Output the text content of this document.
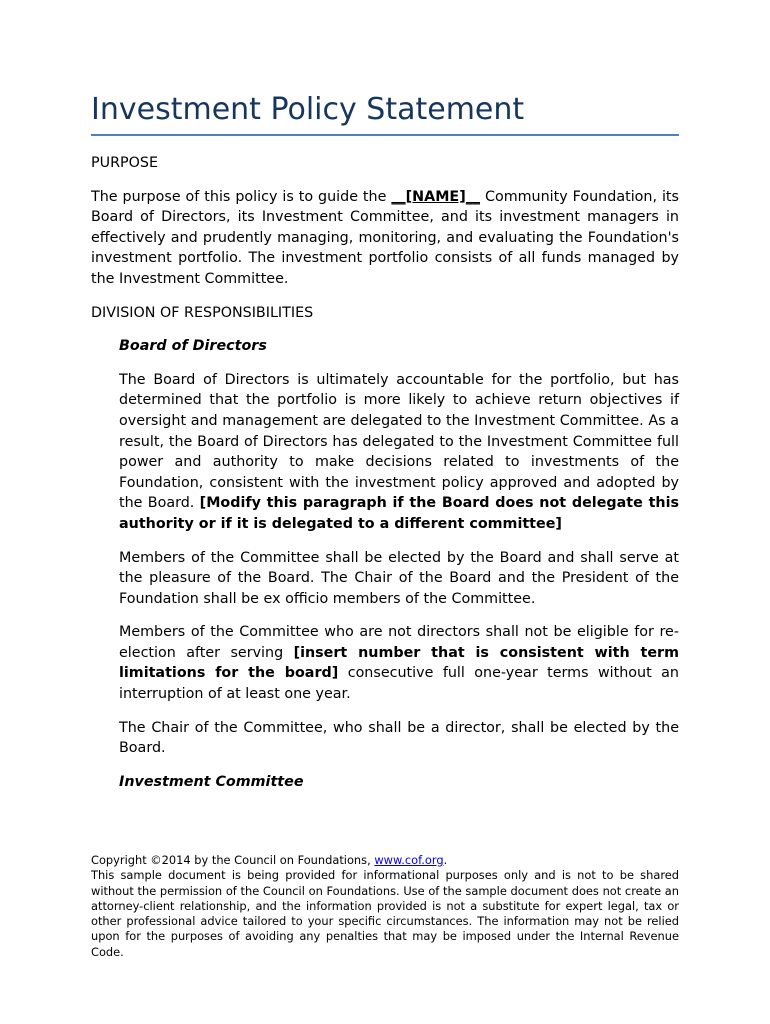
Investment Policy Statement

PURPOSE

The purpose of this policy is to guide the __[NAME]__ Community Foundation, its Board of Directors, its Investment Committee, and its investment managers in effectively and prudently managing, monitoring, and evaluating the Foundation's investment portfolio. The investment portfolio consists of all funds managed by the Investment Committee.

DIVISION OF RESPONSIBILITIES

Board of Directors

The Board of Directors is ultimately accountable for the portfolio, but has determined that the portfolio is more likely to achieve return objectives if oversight and management are delegated to the Investment Committee. As a result, the Board of Directors has delegated to the Investment Committee full power and authority to make decisions related to investments of the Foundation, consistent with the investment policy approved and adopted by the Board. [Modify this paragraph if the Board does not delegate this authority or if it is delegated to a different committee]

Members of the Committee shall be elected by the Board and shall serve at the pleasure of the Board. The Chair of the Board and the President of the Foundation shall be ex officio members of the Committee.

Members of the Committee who are not directors shall not be eligible for re-election after serving [insert number that is consistent with term limitations for the board] consecutive full one-year terms without an interruption of at least one year.

The Chair of the Committee, who shall be a director, shall be elected by the Board.

Investment Committee

Copyright ©2014 by the Council on Foundations, www.cof.org.
This sample document is being provided for informational purposes only and is not to be shared without the permission of the Council on Foundations. Use of the sample document does not create an attorney-client relationship, and the information provided is not a substitute for expert legal, tax or other professional advice tailored to your specific circumstances. The information may not be relied upon for the purposes of avoiding any penalties that may be imposed under the Internal Revenue Code.
